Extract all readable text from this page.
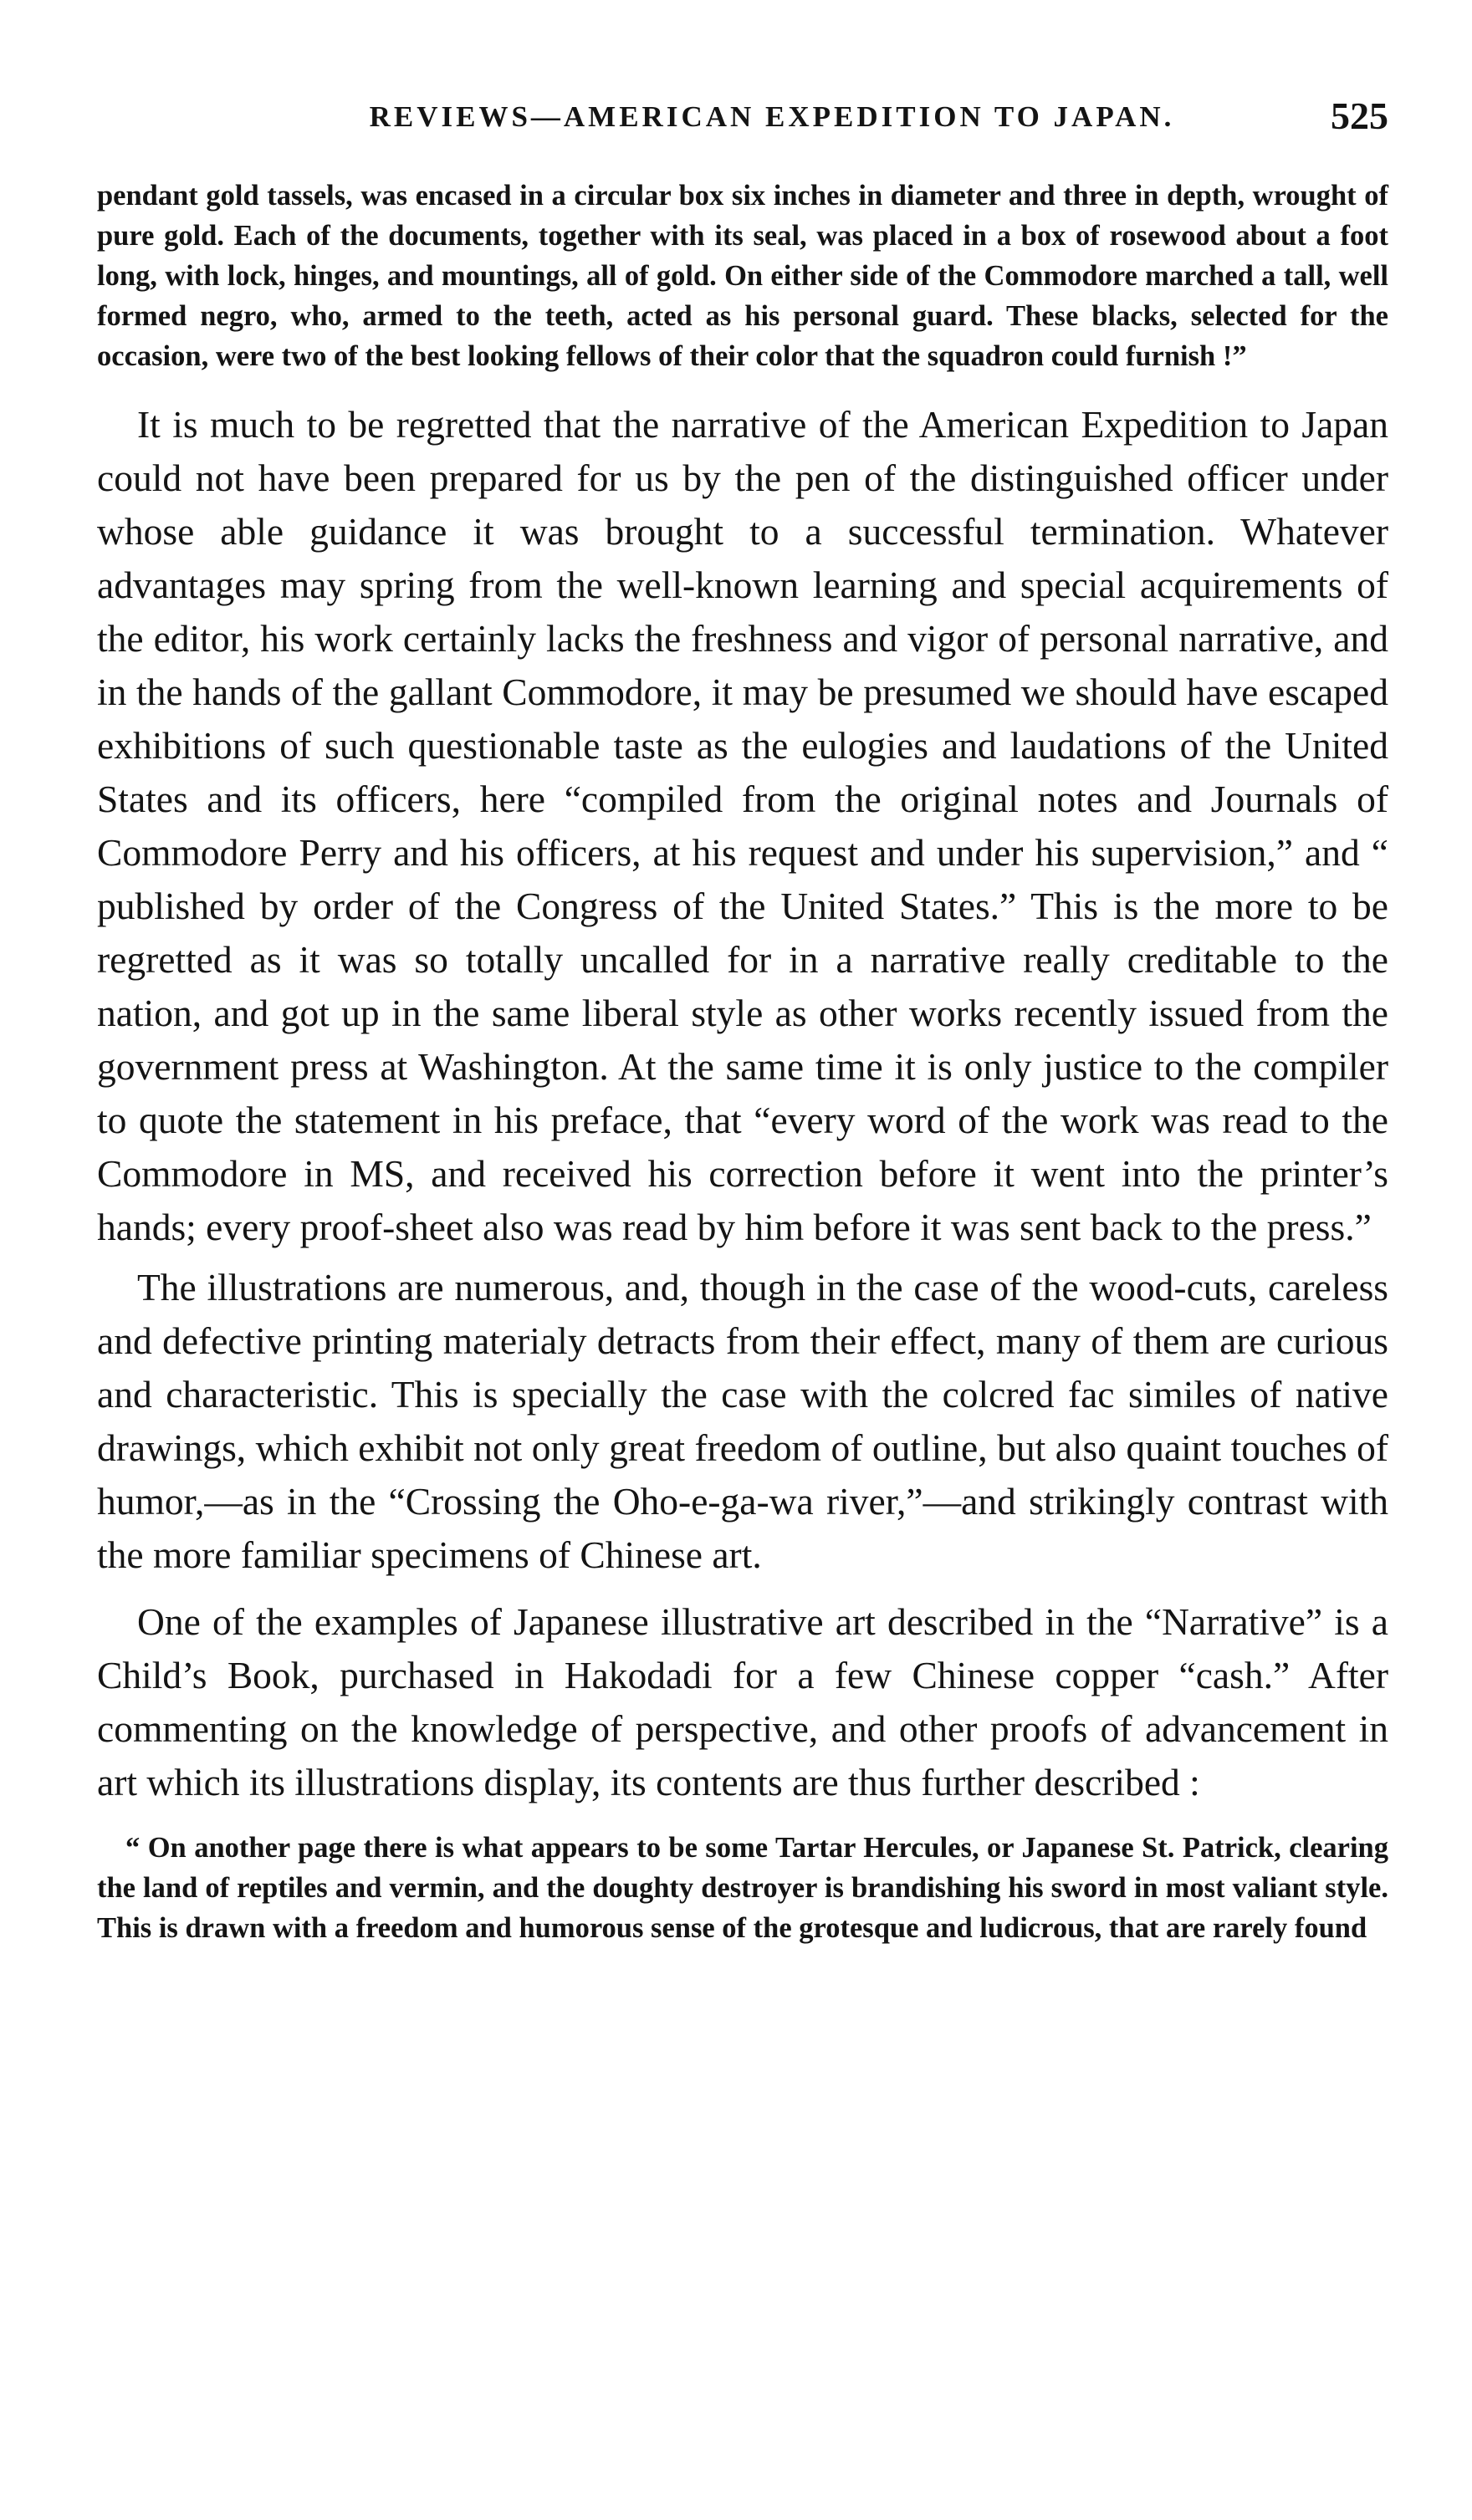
REVIEWS—AMERICAN EXPEDITION TO JAPAN.	525

pendant gold tassels, was encased in a circular box six inches in diameter and three in depth, wrought of pure gold. Each of the documents, together with its seal, was placed in a box of rosewood about a foot long, with lock, hinges, and mountings, all of gold. On either side of the Commodore marched a tall, well formed negro, who, armed to the teeth, acted as his personal guard. These blacks, selected for the occasion, were two of the best looking fellows of their color that the squadron could furnish !”

It is much to be regretted that the narrative of the American Expedition to Japan could not have been prepared for us by the pen of the distinguished officer under whose able guidance it was brought to a successful termination. Whatever advantages may spring from the well-known learning and special acquirements of the editor, his work certainly lacks the freshness and vigor of personal narrative, and in the hands of the gallant Commodore, it may be presumed we should have escaped exhibitions of such questionable taste as the eulogies and laudations of the United States and its officers, here “compiled from the original notes and Journals of Commodore Perry and his officers, at his request and under his supervision,” and “ published by order of the Congress of the United States.” This is the more to be regretted as it was so totally uncalled for in a narrative really creditable to the nation, and got up in the same liberal style as other works recently issued from the government press at Washington. At the same time it is only justice to the compiler to quote the statement in his preface, that “every word of the work was read to the Commodore in MS, and received his correction before it went into the printer’s hands; every proof-sheet also was read by him before it was sent back to the press.”
The illustrations are numerous, and, though in the case of the wood-cuts, careless and defective printing materialy detracts from their effect, many of them are curious and characteristic. This is specially the case with the colcred fac similes of native drawings, which exhibit not only great freedom of outline, but also quaint touches of humor,—as in the “Crossing the Oho-e-ga-wa river,”—and strikingly contrast with the more familiar specimens of Chinese art.
One of the examples of Japanese illustrative art described in the “Narrative” is a Child’s Book, purchased in Hakodadi for a few Chinese copper “cash.” After commenting on the knowledge of perspective, and other proofs of advancement in art which its illustrations display, its contents are thus further described :

“ On another page there is what appears to be some Tartar Hercules, or Japanese St. Patrick, clearing the land of reptiles and vermin, and the doughty destroyer is brandishing his sword in most valiant style. This is drawn with a freedom and humorous sense of the grotesque and ludicrous, that are rarely found
